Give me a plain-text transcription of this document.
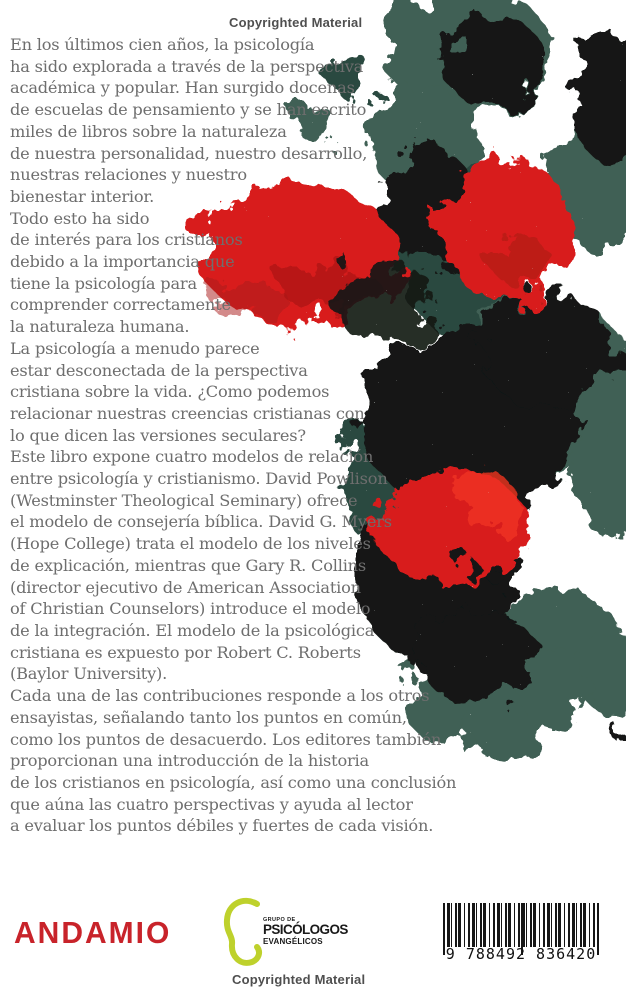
Copyrighted Material
En los últimos cien años, la psicología
ha sido explorada a través de la perspectiva
académica y popular. Han surgido docenas
de escuelas de pensamiento y se han escrito
miles de libros sobre la naturaleza
de nuestra personalidad, nuestro desarrollo,
nuestras relaciones y nuestro
bienestar interior.
Todo esto ha sido
de interés para los cristianos
debido a la importancia que
tiene la psicología para
comprender correctamente
la naturaleza humana.
La psicología a menudo parece
estar desconectada de la perspectiva
cristiana sobre la vida. ¿Como podemos
relacionar nuestras creencias cristianas con
lo que dicen las versiones seculares?
Este libro expone cuatro modelos de relación
entre psicología y cristianismo. David Powlison
(Westminster Theological Seminary) ofrece
el modelo de consejería bíblica. David G. Myers
(Hope College) trata el modelo de los niveles
de explicación, mientras que Gary R. Collins
(director ejecutivo de American Association
of Christian Counselors) introduce el modelo
de la integración. El modelo de la psicológica
cristiana es expuesto por Robert C. Roberts
(Baylor University).
Cada una de las contribuciones responde a los otros
ensayistas, señalando tanto los puntos en común,
como los puntos de desacuerdo. Los editores también
proporcionan una introducción de la historia
de los cristianos en psicología, así como una conclusión
que aúna las cuatro perspectivas y ayuda al lector
a evaluar los puntos débiles y fuertes de cada visión.
ANDAMIO	GRUPO DE
PSICÓLOGOS
EVANGÉLICOS
9 788492 836420
Copyrighted Material
